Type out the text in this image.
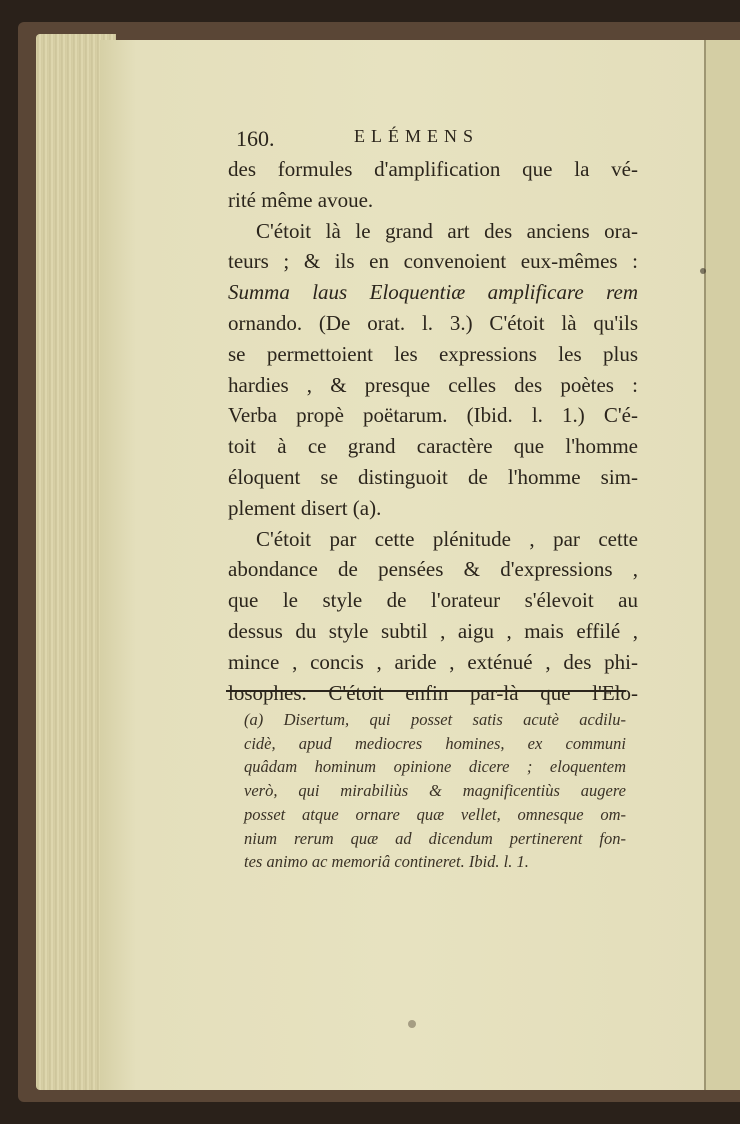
160.	ELÉMENS

des formules d'amplification que la vé-

rité même avoue.

C'étoit là le grand art des anciens ora-

teurs ; & ils en convenoient eux-mêmes :

Summa laus Eloquentiæ amplificare rem

ornando. (De orat. l. 3.) C'étoit là qu'ils

se permettoient les expressions les plus

hardies , & presque celles des poètes :

Verba propè poëtarum. (Ibid. l. 1.) C'é-

toit à ce grand caractère que l'homme

éloquent se distinguoit de l'homme sim-

plement disert (a).

C'étoit par cette plénitude , par cette

abondance de pensées & d'expressions ,

que le style de l'orateur s'élevoit au

dessus du style subtil , aigu , mais effilé ,

mince , concis , aride , exténué , des phi-

losophes. C'étoit enfin par-là que l'Elo-

(a) Disertum, qui posset satis acutè acdilu-

cidè, apud mediocres homines, ex communi

quâdam hominum opinione dicere ; eloquentem

verò, qui mirabiliùs & magnificentiùs augere

posset atque ornare quæ vellet, omnesque om-

nium rerum quæ ad dicendum pertinerent fon-

tes animo ac memoriâ contineret. Ibid. l. 1.
